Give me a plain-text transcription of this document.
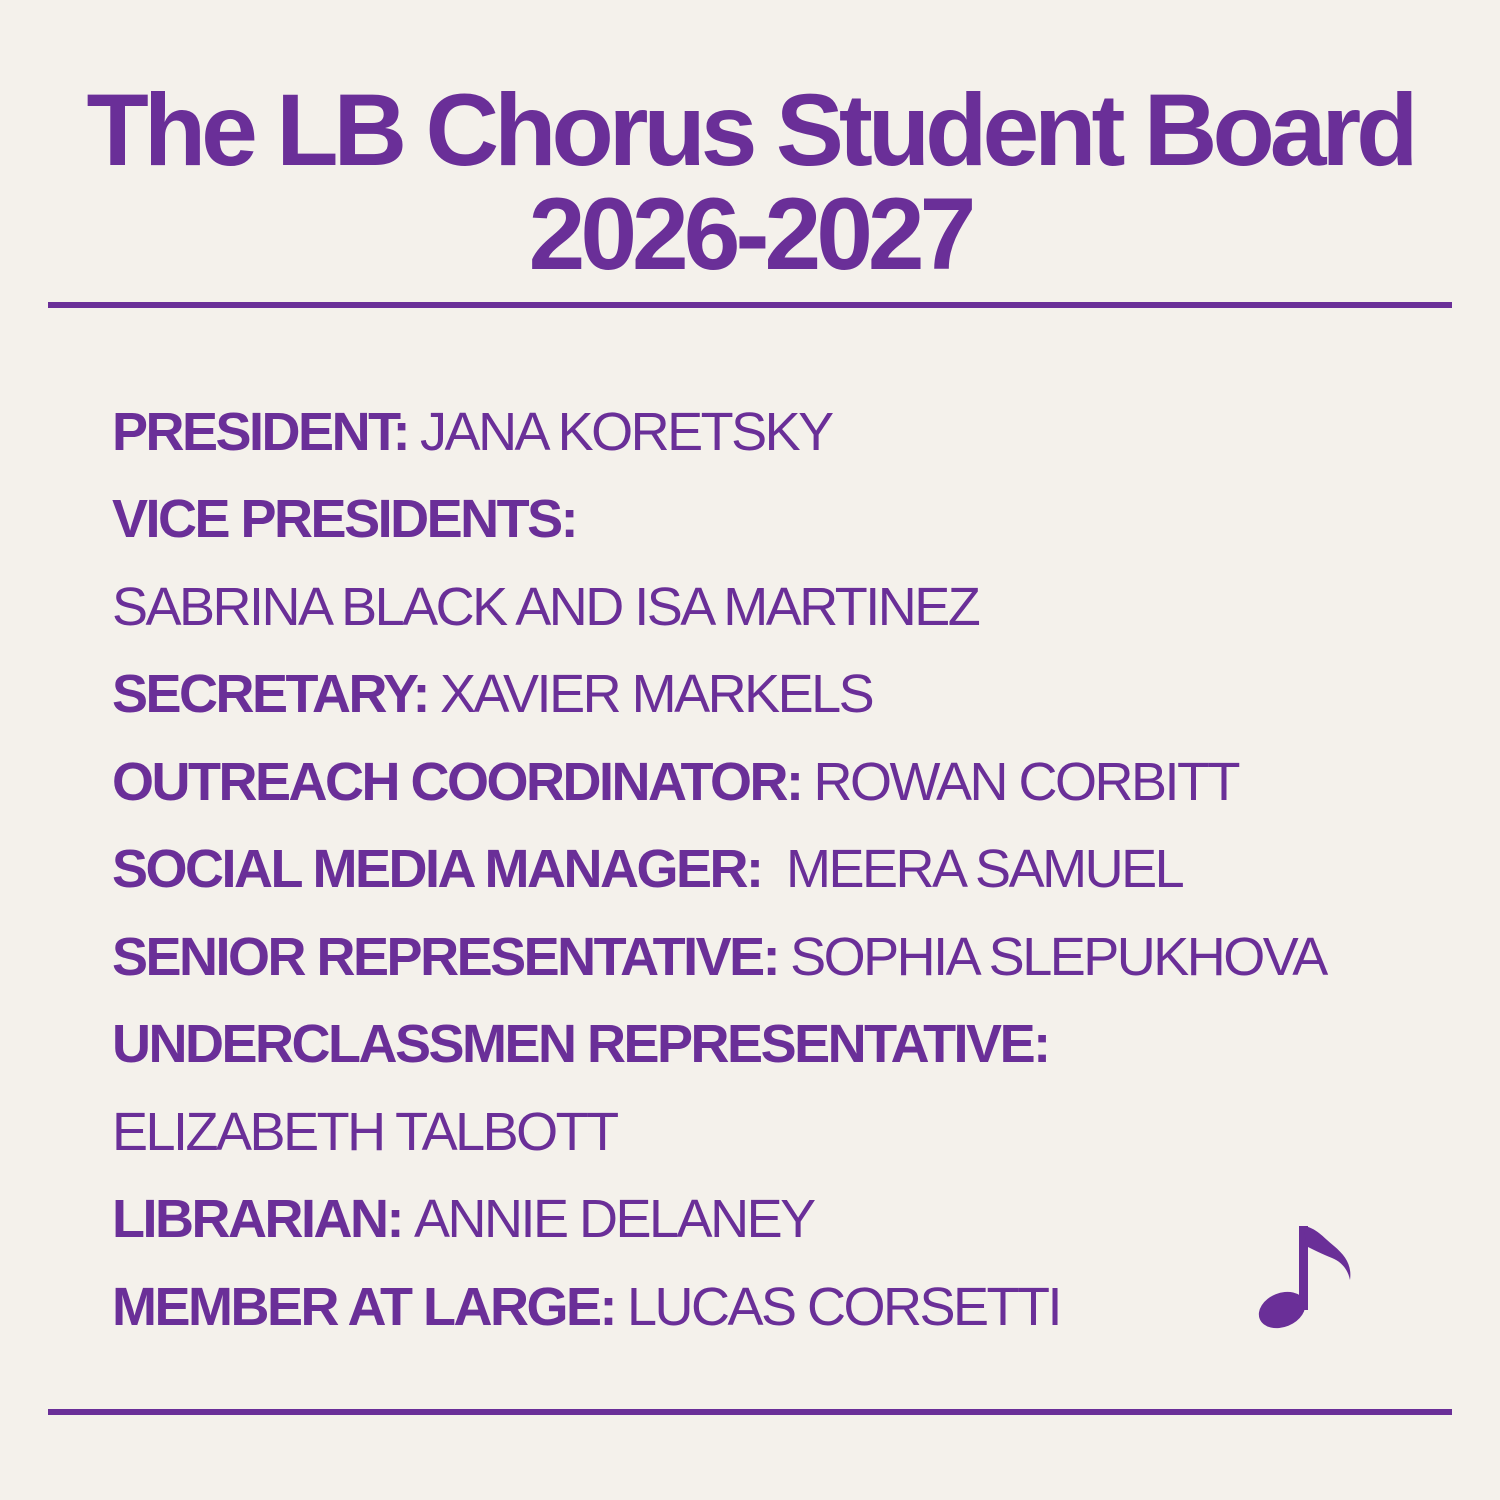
The LB Chorus Student Board
2026-2027
PRESIDENT: JANA KORETSKY
VICE PRESIDENTS:
SABRINA BLACK AND ISA MARTINEZ
SECRETARY: XAVIER MARKELS
OUTREACH COORDINATOR: ROWAN CORBITT
SOCIAL MEDIA MANAGER: MEERA SAMUEL
SENIOR REPRESENTATIVE: SOPHIA SLEPUKHOVA
UNDERCLASSMEN REPRESENTATIVE:
ELIZABETH TALBOTT
LIBRARIAN: ANNIE DELANEY
MEMBER AT LARGE: LUCAS CORSETTI
